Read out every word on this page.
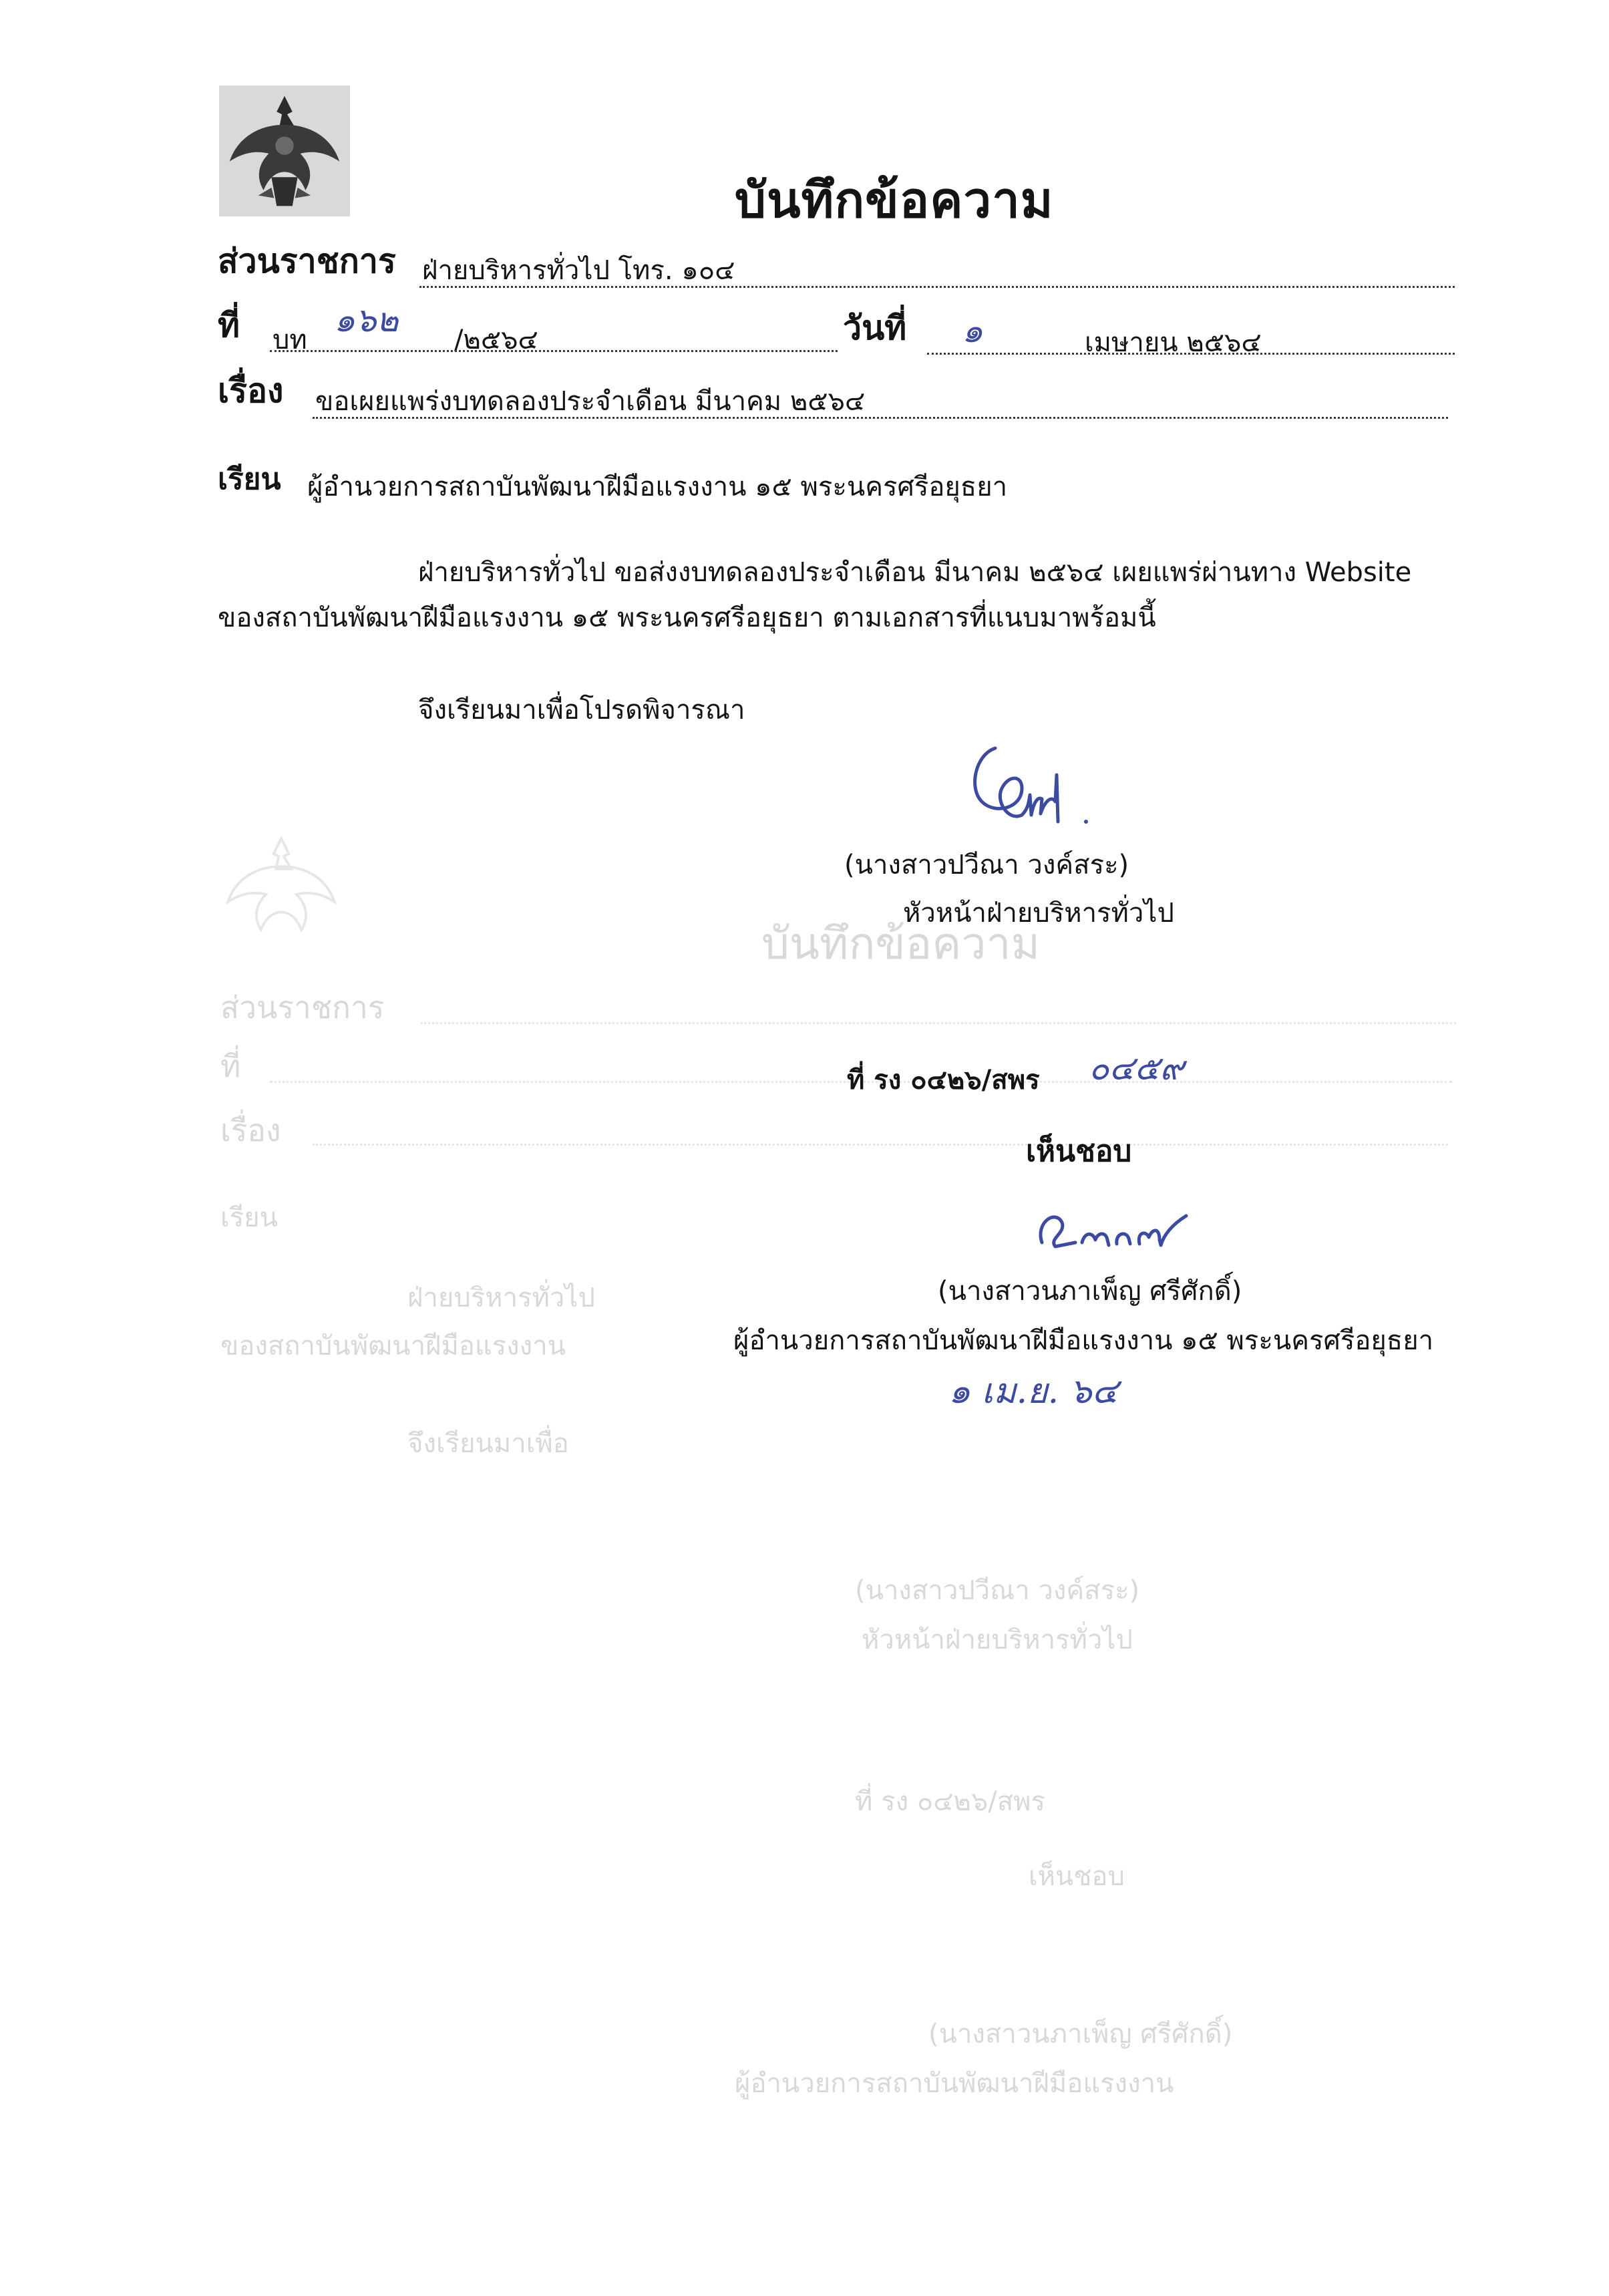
บันทึกข้อความ
ส่วนราชการ ฝ่ายบริหารทั่วไป โทร. ๑๐๔
ที่ บท
๑๖๒
/๒๕๖๔	วันที่ ๑	เมษายน ๒๕๖๔
เรื่อง ขอเผยแพร่งบทดลองประจำเดือน มีนาคม ๒๕๖๔
เรียน ผู้อำนวยการสถาบันพัฒนาฝีมือแรงงาน ๑๕ พระนครศรีอยุธยา
ส่วนราชการ
ที่
เรื่อง
เรียน
ฝ่ายบริหารทั่วไป
ของสถาบันพัฒนาฝีมือแรงงาน
จึงเรียนมาเพื่อ
(นางสาวปวีณา วงค์สระ)
หัวหน้าฝ่ายบริหารทั่วไป
ที่ รง ๐๔๒๖/สพร
เห็นชอบ
(นางสาวนภาเพ็ญ ศรีศักดิ์)
ผู้อำนวยการสถาบันพัฒนาฝีมือแรงงาน
บันทึกข้อความ
ฝ่ายบริหารทั่วไป ขอส่งงบทดลองประจำเดือน มีนาคม ๒๕๖๔ เผยแพร่ผ่านทาง Website
ของสถาบันพัฒนาฝีมือแรงงาน ๑๕ พระนครศรีอยุธยา ตามเอกสารที่แนบมาพร้อมนี้
จึงเรียนมาเพื่อโปรดพิจารณา
(นางสาวปวีณา วงค์สระ)
หัวหน้าฝ่ายบริหารทั่วไป
ที่ รง ๐๔๒๖/สพร ๐๔๕๙
เห็นชอบ
(นางสาวนภาเพ็ญ ศรีศักดิ์)
ผู้อำนวยการสถาบันพัฒนาฝีมือแรงงาน ๑๕ พระนครศรีอยุธยา
๑ เม.ย. ๖๔
